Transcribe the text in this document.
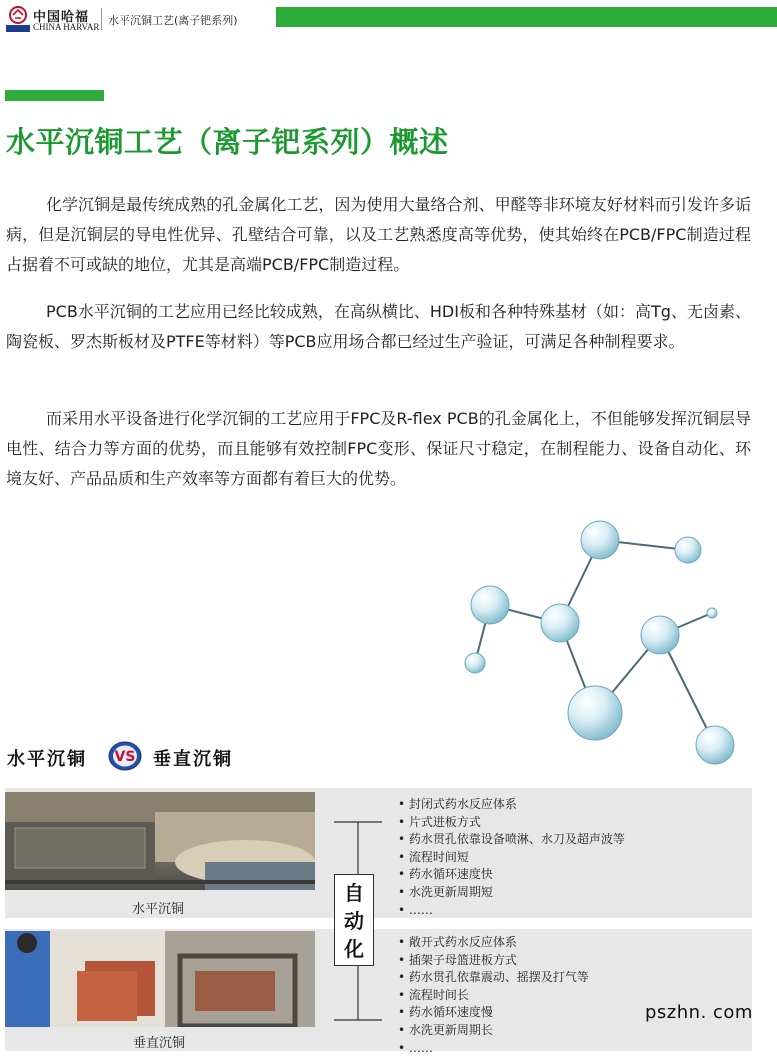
中国哈福
CHINA HARVAR 水平沉铜工艺(离子钯系列)
水平沉铜工艺（离子钯系列）概述

化学沉铜是最传统成熟的孔金属化工艺，因为使用大量络合剂、甲醛等非环境友好材料而引发许多诟病，但是沉铜层的导电性优异、孔壁结合可靠，以及工艺熟悉度高等优势，使其始终在PCB/FPC制造过程占据着不可或缺的地位，尤其是高端PCB/FPC制造过程。

PCB水平沉铜的工艺应用已经比较成熟，在高纵横比、HDI板和各种特殊基材（如：高Tg、无卤素、陶瓷板、罗杰斯板材及PTFE等材料）等PCB应用场合都已经过生产验证，可满足各种制程要求。

而采用水平设备进行化学沉铜的工艺应用于FPC及R-flex PCB的孔金属化上，不但能够发挥沉铜层导电性、结合力等方面的优势，而且能够有效控制FPC变形、保证尺寸稳定，在制程能力、设备自动化、环境友好、产品品质和生产效率等方面都有着巨大的优势。

水平沉铜 VS 垂直沉铜
水平沉铜
垂直沉铜
自
动
化
• 封闭式药水反应体系
• 片式进板方式
• 药水贯孔依靠设备喷淋、水刀及超声波等
• 流程时间短
• 药水循环速度快
• 水洗更新周期短
• ……
• 敞开式药水反应体系
• 插架子母篮进板方式
• 药水贯孔依靠震动、摇摆及打气等
• 流程时间长
• 药水循环速度慢
• 水洗更新周期长
• ……
pszhn. com
